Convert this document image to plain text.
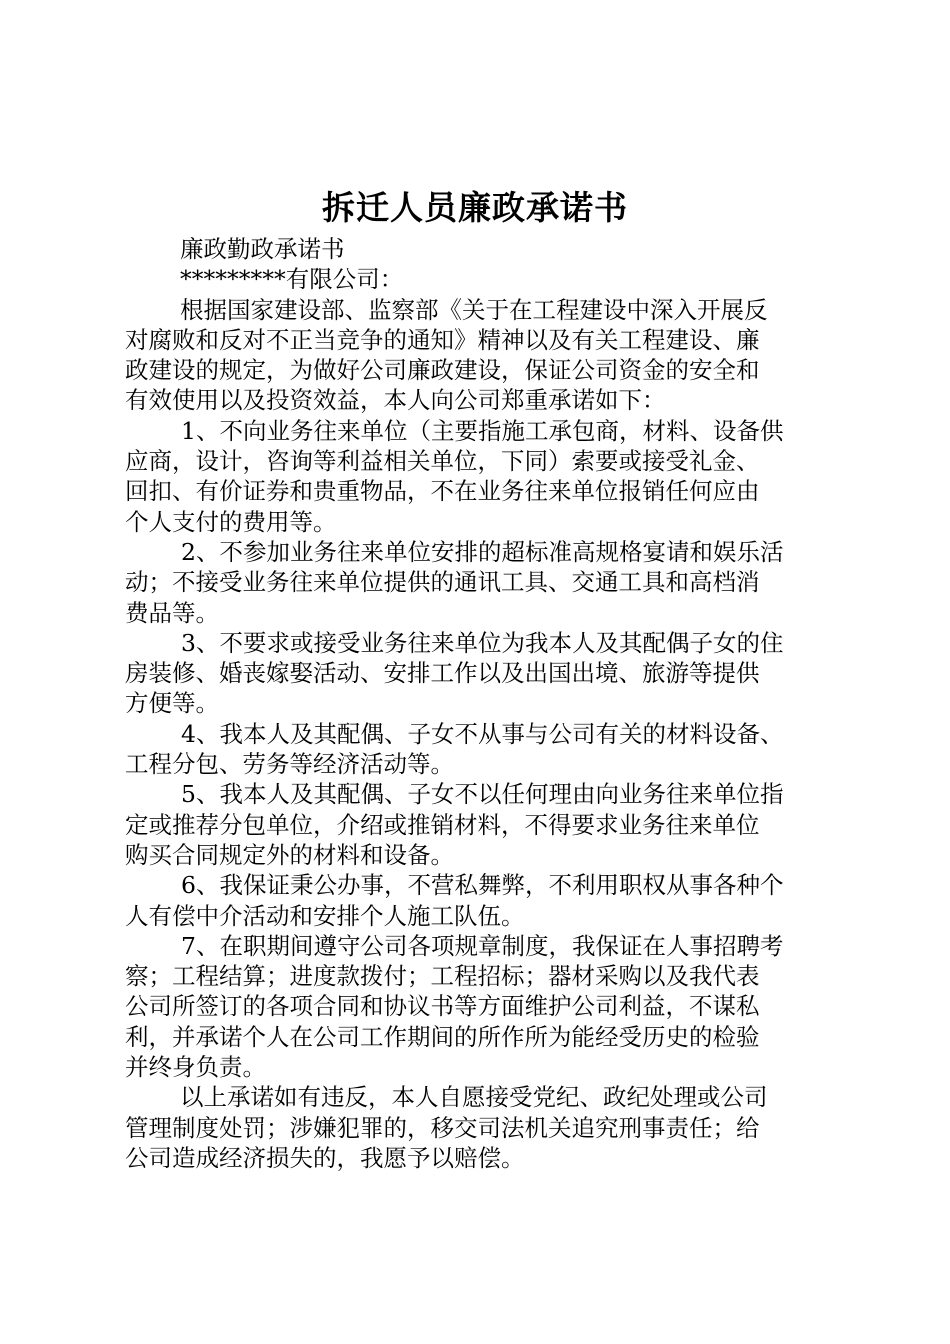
拆迁人员廉政承诺书

廉政勤政承诺书

*********有限公司：

根据国家建设部、监察部《关于在工程建设中深入开展反

对腐败和反对不正当竞争的通知》精神以及有关工程建设、廉

政建设的规定，为做好公司廉政建设，保证公司资金的安全和

有效使用以及投资效益，本人向公司郑重承诺如下：

1、不向业务往来单位（主要指施工承包商，材料、设备供

应商，设计，咨询等利益相关单位，下同）索要或接受礼金、

回扣、有价证券和贵重物品，不在业务往来单位报销任何应由

个人支付的费用等。

2、不参加业务往来单位安排的超标准高规格宴请和娱乐活

动；不接受业务往来单位提供的通讯工具、交通工具和高档消

费品等。

3、不要求或接受业务往来单位为我本人及其配偶子女的住

房装修、婚丧嫁娶活动、安排工作以及出国出境、旅游等提供

方便等。

4、我本人及其配偶、子女不从事与公司有关的材料设备、

工程分包、劳务等经济活动等。

5、我本人及其配偶、子女不以任何理由向业务往来单位指

定或推荐分包单位，介绍或推销材料，不得要求业务往来单位

购买合同规定外的材料和设备。

6、我保证秉公办事，不营私舞弊，不利用职权从事各种个

人有偿中介活动和安排个人施工队伍。

7、在职期间遵守公司各项规章制度，我保证在人事招聘考

察；工程结算；进度款拨付；工程招标；器材采购以及我代表

公司所签订的各项合同和协议书等方面维护公司利益，不谋私

利，并承诺个人在公司工作期间的所作所为能经受历史的检验

并终身负责。

以上承诺如有违反，本人自愿接受党纪、政纪处理或公司

管理制度处罚；涉嫌犯罪的，移交司法机关追究刑事责任；给

公司造成经济损失的，我愿予以赔偿。
